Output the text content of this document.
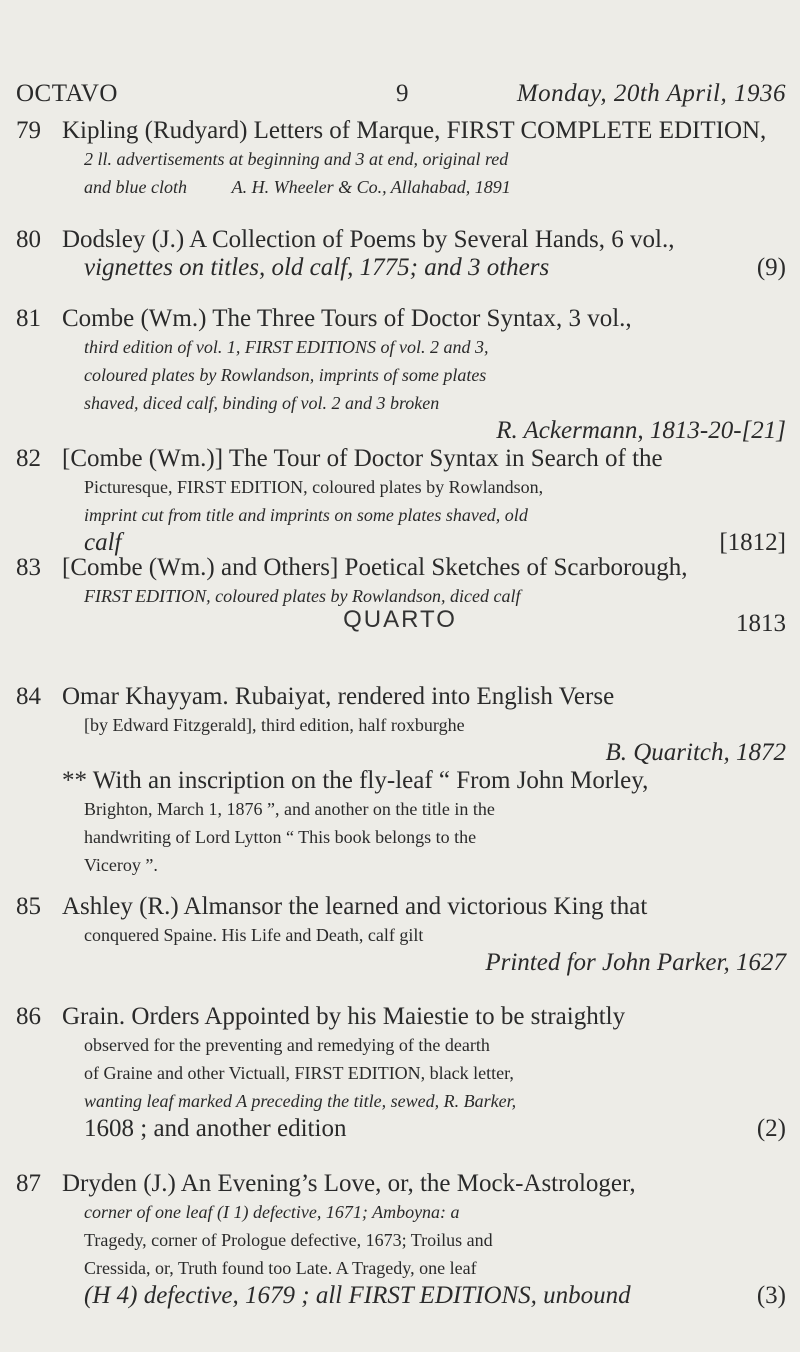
OCTAVO	9	Monday, 20th April, 1936
79 Kipling (Rudyard) Letters of Marque, FIRST COMPLETE EDITION,
2 ll. advertisements at beginning and 3 at end, original red
and blue cloth          A. H. Wheeler & Co., Allahabad, 1891
80 Dodsley (J.) A Collection of Poems by Several Hands, 6 vol.,
vignettes on titles, old calf, 1775; and 3 others	(9)
81 Combe (Wm.) The Three Tours of Doctor Syntax, 3 vol.,
third edition of vol. 1, FIRST EDITIONS of vol. 2 and 3,
coloured plates by Rowlandson, imprints of some plates
shaved, diced calf, binding of vol. 2 and 3 broken
R. Ackermann, 1813-20-[21]
82 [Combe (Wm.)] The Tour of Doctor Syntax in Search of the
Picturesque, FIRST EDITION, coloured plates by Rowlandson,
imprint cut from title and imprints on some plates shaved, old
calf	[1812]
83 [Combe (Wm.) and Others] Poetical Sketches of Scarborough,
FIRST EDITION, coloured plates by Rowlandson, diced calf
1813
QUARTO
84 Omar Khayyam. Rubaiyat, rendered into English Verse
[by Edward Fitzgerald], third edition, half roxburghe
B. Quaritch, 1872
** With an inscription on the fly-leaf “ From John Morley,
Brighton, March 1, 1876 ”, and another on the title in the
handwriting of Lord Lytton “ This book belongs to the
Viceroy ”.
85 Ashley (R.) Almansor the learned and victorious King that
conquered Spaine. His Life and Death, calf gilt
Printed for John Parker, 1627
86 Grain. Orders Appointed by his Maiestie to be straightly
observed for the preventing and remedying of the dearth
of Graine and other Victuall, FIRST EDITION, black letter,
wanting leaf marked A preceding the title, sewed, R. Barker,
1608 ; and another edition	(2)
87 Dryden (J.) An Evening’s Love, or, the Mock-Astrologer,
corner of one leaf (I 1) defective, 1671; Amboyna: a
Tragedy, corner of Prologue defective, 1673; Troilus and
Cressida, or, Truth found too Late. A Tragedy, one leaf
(H 4) defective, 1679 ; all FIRST EDITIONS, unbound	(3)
